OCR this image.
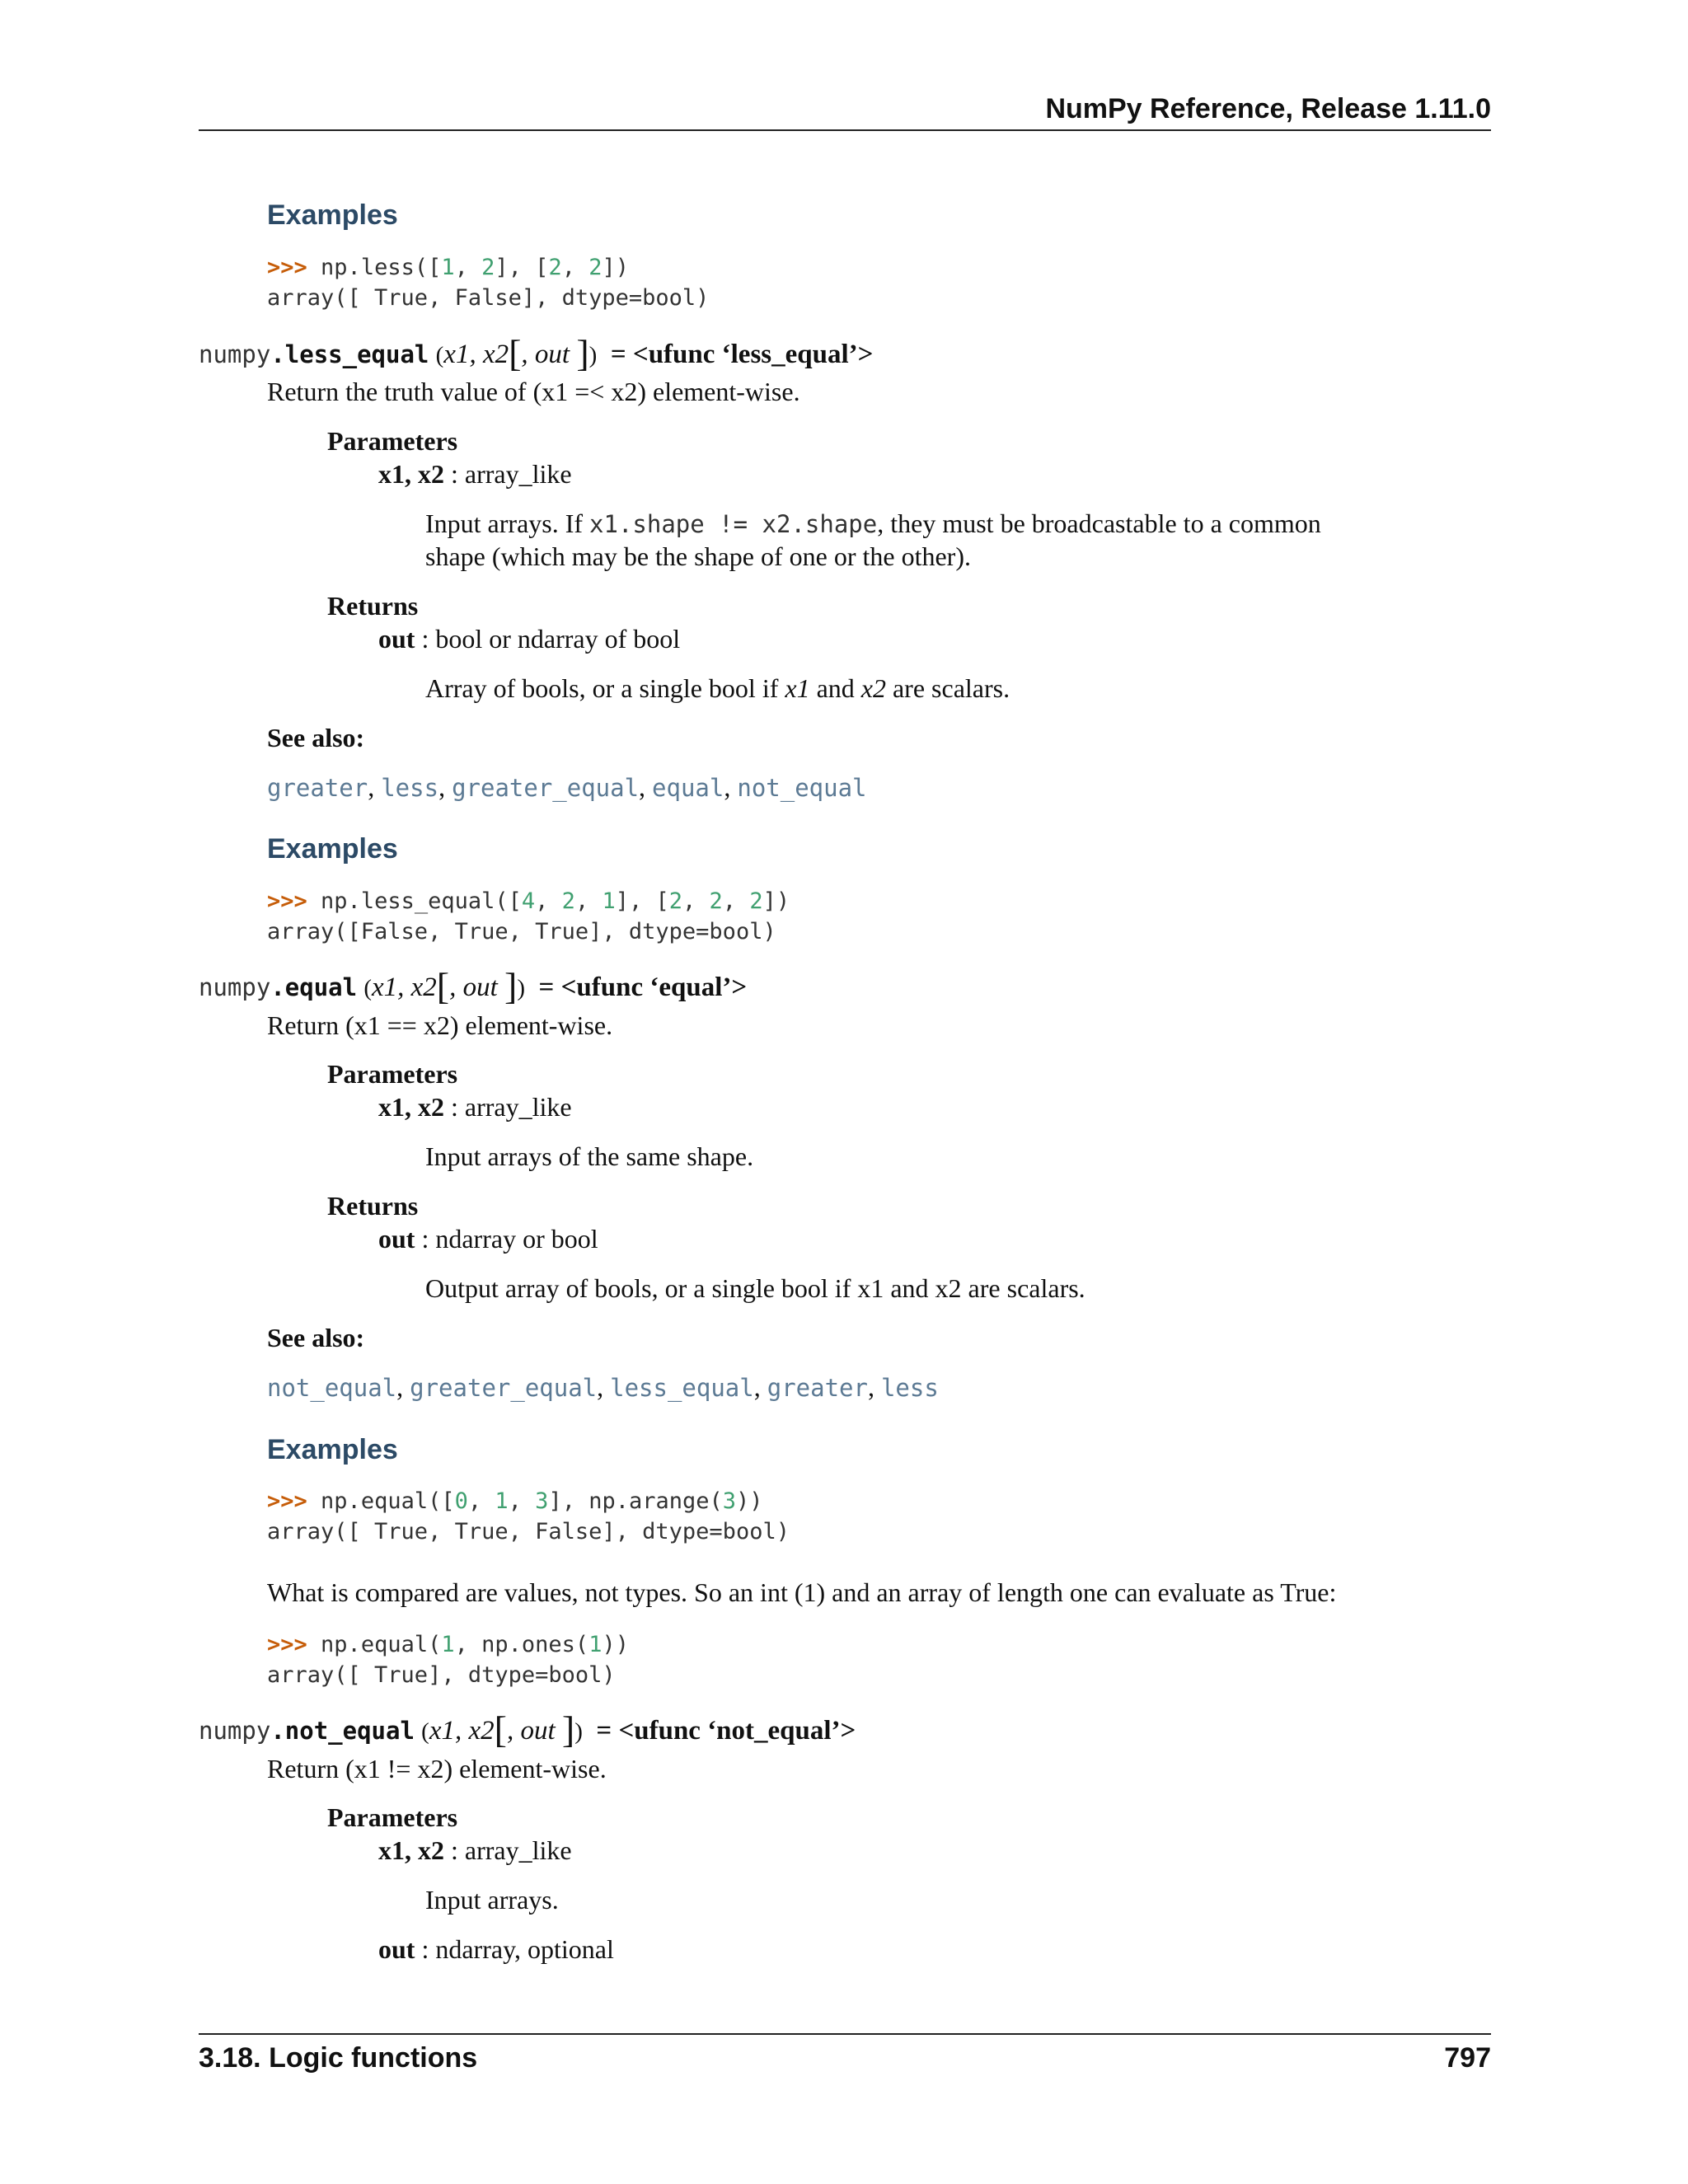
NumPy Reference, Release 1.11.0
Examples
>>> np.less([1, 2], [2, 2])
array([ True, False], dtype=bool)
numpy.less_equal (x1, x2[, out ]) = <ufunc ‘less_equal’>
Return the truth value of (x1 =< x2) element-wise.
Parameters
x1, x2 : array_like
Input arrays. If x1.shape != x2.shape, they must be broadcastable to a common
shape (which may be the shape of one or the other).
Returns
out : bool or ndarray of bool
Array of bools, or a single bool if x1 and x2 are scalars.
See also:
greater, less, greater_equal, equal, not_equal
Examples
>>> np.less_equal([4, 2, 1], [2, 2, 2])
array([False, True, True], dtype=bool)
numpy.equal (x1, x2[, out ]) = <ufunc ‘equal’>
Return (x1 == x2) element-wise.
Parameters
x1, x2 : array_like
Input arrays of the same shape.
Returns
out : ndarray or bool
Output array of bools, or a single bool if x1 and x2 are scalars.
See also:
not_equal, greater_equal, less_equal, greater, less
Examples
>>> np.equal([0, 1, 3], np.arange(3))
array([ True, True, False], dtype=bool)
What is compared are values, not types. So an int (1) and an array of length one can evaluate as True:
>>> np.equal(1, np.ones(1))
array([ True], dtype=bool)
numpy.not_equal (x1, x2[, out ]) = <ufunc ‘not_equal’>
Return (x1 != x2) element-wise.
Parameters
x1, x2 : array_like
Input arrays.
out : ndarray, optional
3.18. Logic functions	797
